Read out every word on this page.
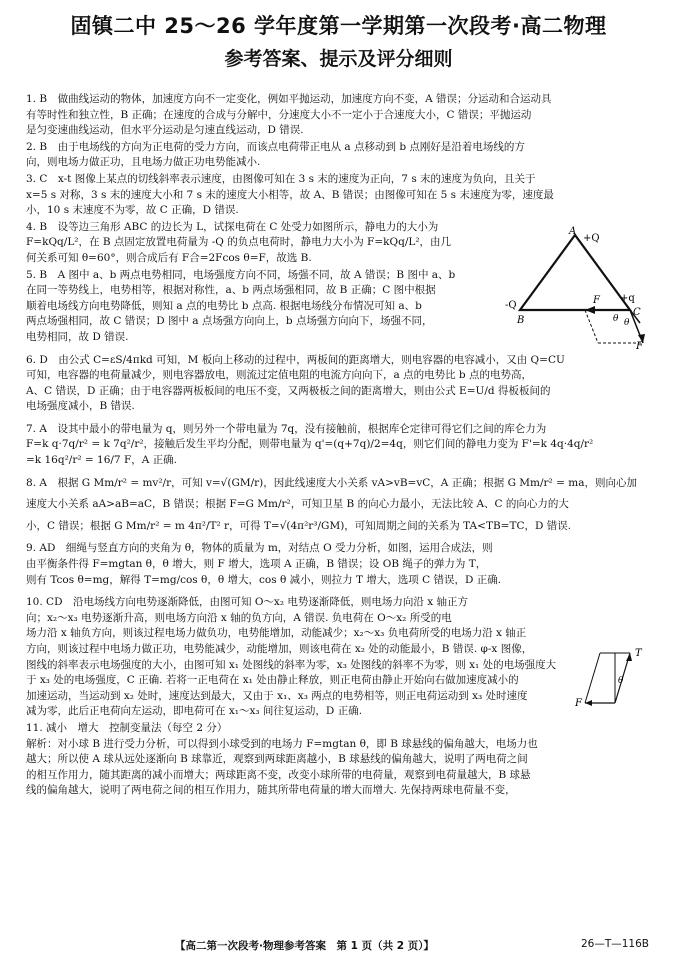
固镇二中 25～26 学年度第一学期第一次段考·高二物理
参考答案、提示及评分细则
1. B　做曲线运动的物体，加速度方向不一定变化，例如平抛运动，加速度方向不变，A 错误；分运动和合运动具
有等时性和独立性，B 正确；在速度的合成与分解中，分速度大小不一定小于合速度大小，C 错误；平抛运动
是匀变速曲线运动，但水平分运动是匀速直线运动，D 错误.
2. B　由于电场线的方向为正电荷的受力方向，而该点电荷带正电从 a 点移动到 b 点刚好是沿着电场线的方
向，则电场力做正功，且电场力做正功电势能减小.
3. C　x-t 图像上某点的切线斜率表示速度，由图像可知在 3 s 末的速度为正向，7 s 末的速度为负向，且关于
x=5 s 对称，3 s 末的速度大小和 7 s 末的速度大小相等，故 A、B 错误；由图像可知在 5 s 末速度为零，速度最
小，10 s 末速度不为零，故 C 正确，D 错误.
4. B　设等边三角形 ABC 的边长为 L，试探电荷在 C 处受力如图所示，静电力的大小为
F=kQq/L²，在 B 点固定放置电荷量为 -Q 的负点电荷时，静电力大小为 F=kQq/L²，由几
何关系可知 θ=60°，则合成后有 F合=2Fcos θ=F，故选 B.
5. B　A 图中 a、b 两点电势相同，电场强度方向不同，场强不同，故 A 错误；B 图中 a、b
在同一等势线上，电势相等，根据对称性，a、b 两点场强相同，故 B 正确；C 图中根据
顺着电场线方向电势降低，则知 a 点的电势比 b 点高. 根据电场线分布情况可知 a、b
两点场强相同，故 C 错误；D 图中 a 点场强方向向上，b 点场强方向向下，场强不同，
电势相同，故 D 错误.
6. D　由公式 C=εS/4πkd 可知，M 板向上移动的过程中，两板间的距离增大，则电容器的电容减小，又由 Q=CU
可知，电容器的电荷量减少，则电容器放电，则流过定值电阻的电流方向向下，a 点的电势比 b 点的电势高，
A、C 错误，D 正确；由于电容器两板板间的电压不变，又两极板之间的距离增大，则由公式 E=U/d 得板板间的
电场强度减小，B 错误.
7. A　设其中最小的带电量为 q，则另外一个带电量为 7q，没有接触前，根据库仑定律可得它们之间的库仑力为
F=k q·7q/r² = k 7q²/r²，接触后发生平均分配，则带电量为 q'=(q+7q)/2=4q，则它们间的静电力变为 F'=k 4q·4q/r²
=k 16q²/r² = 16/7 F，A 正确.
8. A　根据 G Mm/r² = mv²/r，可知 v=√(GM/r)，因此线速度大小关系 vA>vB=vC，A 正确；根据 G Mm/r² = ma，则向心加
速度大小关系 aA>aB=aC，B 错误；根据 F=G Mm/r²，可知卫星 B 的向心力最小，无法比较 A、C 的向心力的大
小，C 错误；根据 G Mm/r² = m 4π²/T² r，可得 T=√(4π²r³/GM)，可知周期之间的关系为 TA<TB=TC，D 错误.
9. AD　细绳与竖直方向的夹角为 θ，物体的质量为 m，对结点 O 受力分析，如图，运用合成法，则
由平衡条件得 F=mgtan θ，θ 增大，则 F 增大，选项 A 正确，B 错误；设 OB 绳子的弹力为 T，
则有 Tcos θ=mg，解得 T=mg/cos θ，θ 增大，cos θ 减小，则拉力 T 增大，选项 C 错误，D 正确.
10. CD　沿电场线方向电势逐渐降低，由图可知 O～x₂ 电势逐渐降低，则电场力向沿 x 轴正方
向；x₂～x₃ 电势逐渐升高，则电场方向沿 x 轴的负方向，A 错误. 负电荷在 O～x₂ 所受的电
场力沿 x 轴负方向，则该过程电场力做负功，电势能增加，动能减少；x₂～x₃ 负电荷所受的电场力沿 x 轴正
方向，则该过程中电场力做正功，电势能减少，动能增加，则该电荷在 x₂ 处的动能最小，B 错误. φ-x 图像，
图线的斜率表示电场强度的大小，由图可知 x₁ 处图线的斜率为零，x₃ 处图线的斜率不为零，则 x₁ 处的电场强度大
于 x₃ 处的电场强度，C 正确. 若将一正电荷在 x₁ 处由静止释放，则正电荷由静止开始向右做加速度减小的
加速运动，当运动到 x₂ 处时，速度达到最大，又由于 x₁、x₃ 两点的电势相等，则正电荷运动到 x₃ 处时速度
减为零，此后正电荷向左运动，即电荷可在 x₁～x₃ 间往复运动，D 正确.
11. 减小　增大　控制变量法（每空 2 分）
解析：对小球 B 进行受力分析，可以得到小球受到的电场力 F=mgtan θ，即 B 球悬线的偏角越大，电场力也
越大；所以使 A 球从远处逐渐向 B 球靠近，观察到两球距离越小，B 球悬线的偏角越大，说明了两电荷之间
的相互作用力，随其距离的减小而增大；两球距离不变，改变小球所带的电荷量，观察到电荷量越大，B 球悬
线的偏角越大，说明了两电荷之间的相互作用力，随其所带电荷量的增大而增大. 先保持两球电荷量不变，
A
+Q
-Q
B
F +q
C
θ θ
F
T
θ
F
【高二第一次段考·物理参考答案　第 1 页（共 2 页）】	26—T—116B
